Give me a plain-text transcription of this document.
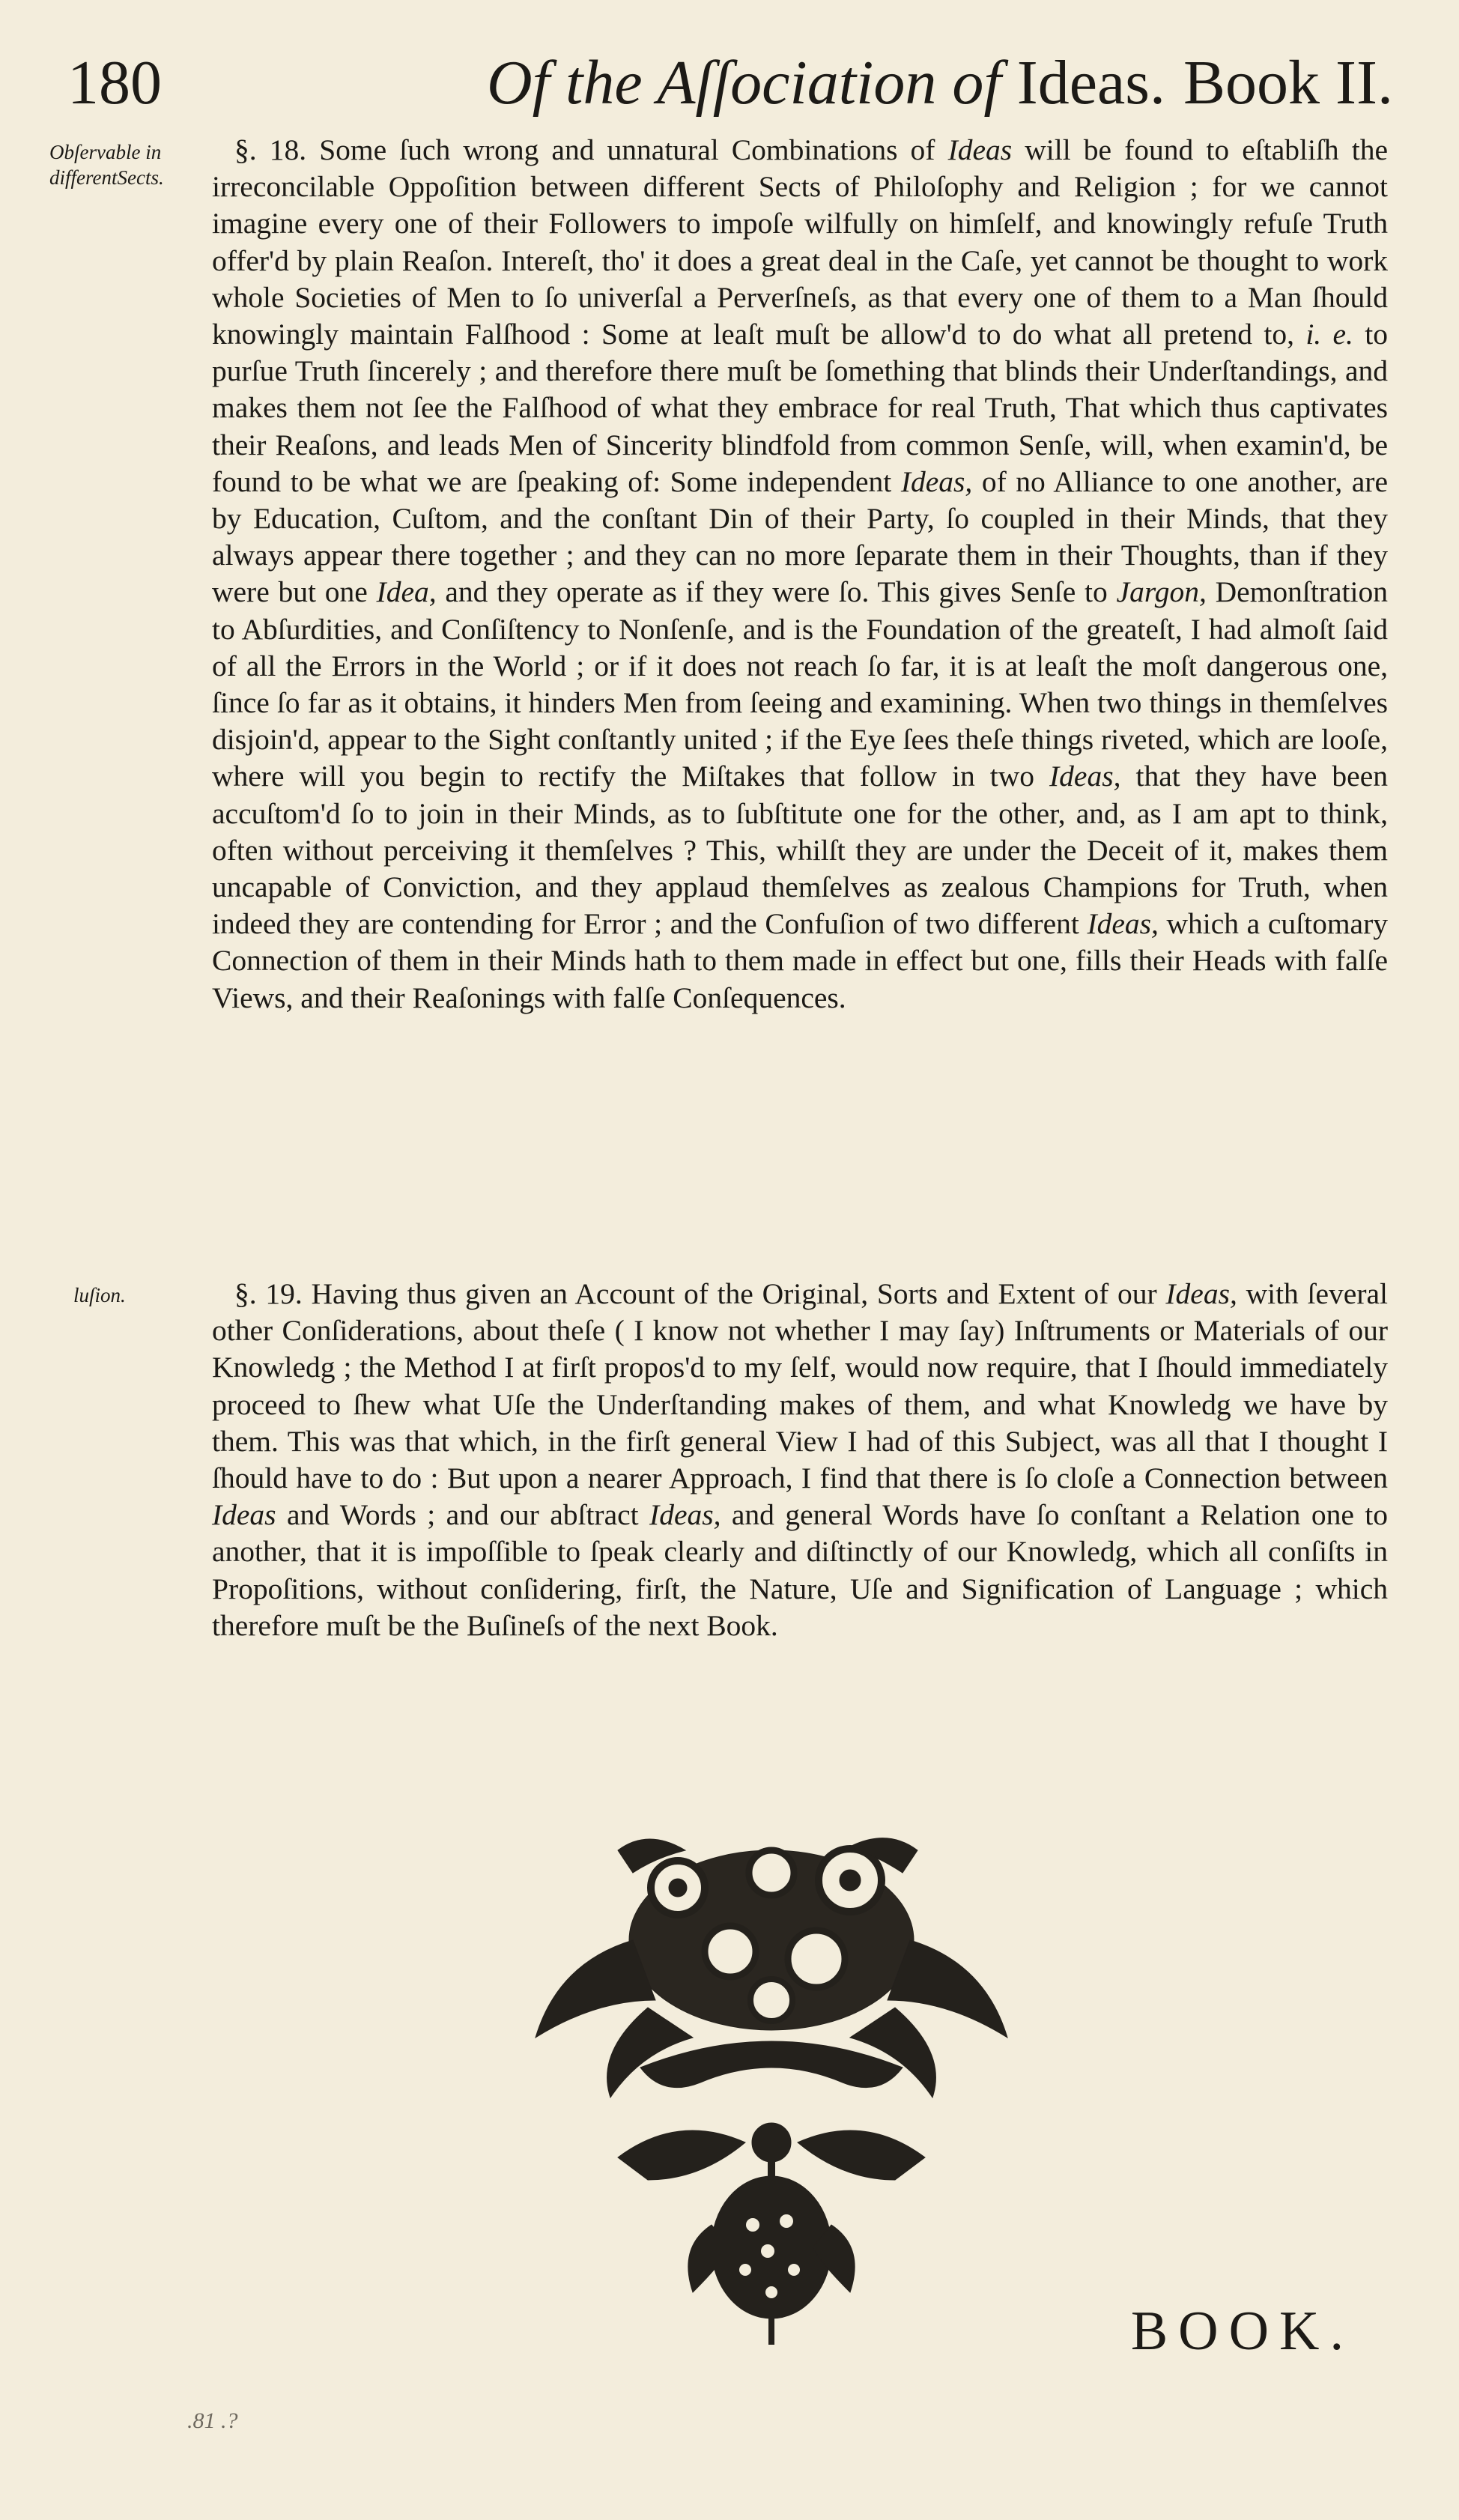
180	Of the Aſſociation of Ideas. Book II.
Obſervable in differentSects.

§. 18. Some ſuch wrong and unnatural Combinations of Ideas will be found to eſtabliſh the irreconcilable Oppoſition between different Sects of Philoſophy and Religion ; for we cannot imagine every one of their Followers to impoſe wilfully on himſelf, and knowingly refuſe Truth offer'd by plain Reaſon. Intereſt, tho' it does a great deal in the Caſe, yet cannot be thought to work whole Societies of Men to ſo univerſal a Perverſneſs, as that every one of them to a Man ſhould knowingly maintain Falſhood : Some at leaſt muſt be allow'd to do what all pretend to, i. e. to purſue Truth ſincerely ; and therefore there muſt be ſomething that blinds their Underſtandings, and makes them not ſee the Falſhood of what they embrace for real Truth, That which thus captivates their Reaſons, and leads Men of Sincerity blindfold from common Senſe, will, when examin'd, be found to be what we are ſpeaking of: Some independent Ideas, of no Alliance to one another, are by Education, Cuſtom, and the conſtant Din of their Party, ſo coupled in their Minds, that they always appear there together ; and they can no more ſeparate them in their Thoughts, than if they were but one Idea, and they operate as if they were ſo. This gives Senſe to Jargon, Demonſtration to Abſurdities, and Conſiſtency to Nonſenſe, and is the Foundation of the greateſt, I had almoſt ſaid of all the Errors in the World ; or if it does not reach ſo far, it is at leaſt the moſt dangerous one, ſince ſo far as it obtains, it hinders Men from ſeeing and examining. When two things in themſelves disjoin'd, appear to the Sight conſtantly united ; if the Eye ſees theſe things riveted, which are looſe, where will you begin to rectify the Miſtakes that follow in two Ideas, that they have been accuſtom'd ſo to join in their Minds, as to ſubſtitute one for the other, and, as I am apt to think, often without perceiving it themſelves ? This, whilſt they are under the Deceit of it, makes them uncapable of Conviction, and they applaud themſelves as zealous Champions for Truth, when indeed they are contending for Error ; and the Confuſion of two different Ideas, which a cuſtomary Connection of them in their Minds hath to them made in effect but one, fills their Heads with falſe Views, and their Reaſonings with falſe Conſequences.

luſion.	§. 19. Having thus given an Account of the Original, Sorts and Extent of our Ideas, with ſeveral other Conſiderations, about theſe ( I know not whether I may ſay) Inſtruments or Materials of our Knowledg ; the Method I at firſt propos'd to my ſelf, would now require, that I ſhould immediately proceed to ſhew what Uſe the Underſtanding makes of them, and what Knowledg we have by them. This was that which, in the firſt general View I had of this Subject, was all that I thought I ſhould have to do : But upon a nearer Approach, I find that there is ſo cloſe a Connection between Ideas and Words ; and our abſtract Ideas, and general Words have ſo conſtant a Relation one to another, that it is impoſſible to ſpeak clearly and diſtinctly of our Knowledg, which all conſiſts in Propoſitions, without conſidering, firſt, the Nature, Uſe and Signification of Language ; which therefore muſt be the Buſineſs of the next Book.

BOOK.
.81 .?
